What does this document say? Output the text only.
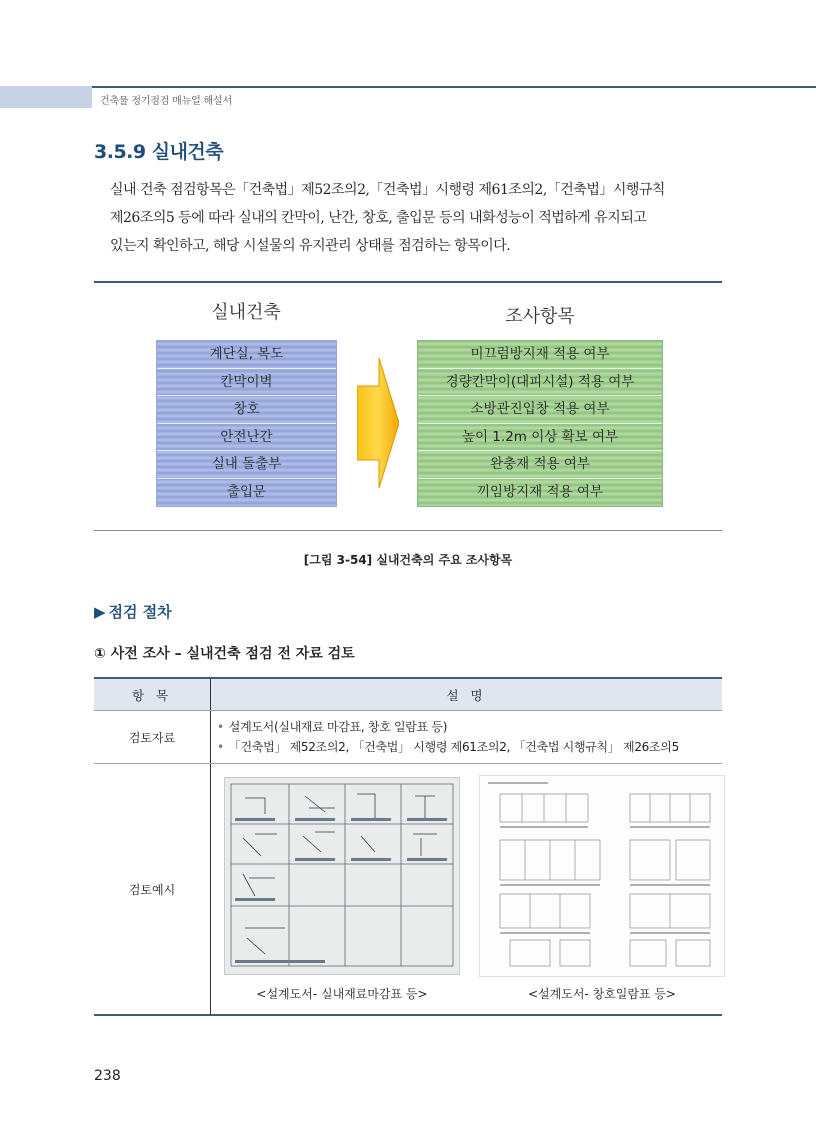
건축물 정기점검 매뉴얼 해설서
3.5.9 실내건축

실내 건축 점검항목은「건축법」제52조의2,「건축법」시행령 제61조의2,「건축법」시행규칙

제26조의5 등에 따라 실내의 칸막이, 난간, 창호, 출입문 등의 내화성능이 적법하게 유지되고

있는지 확인하고, 해당 시설물의 유지관리 상태를 점검하는 항목이다.

실내건축	조사항목
계단실, 복도
칸막이벽
창호
안전난간
실내 돌출부
출입문
미끄럼방지재 적용 여부
경량칸막이(대피시설) 적용 여부
소방관진입창 적용 여부
높이 1.2m 이상 확보 여부
완충재 적용 여부
끼임방지재 적용 여부
[그림 3-54] 실내건축의 주요 조사항목
▶ 점검 절차
① 사전 조사 – 실내건축 점검 전 자료 검토
항 목	설 명
검토자료	• 설계도서(실내재료 마감표, 창호 일람표 등)
• 「건축법」 제52조의2, 「건축법」 시행령 제61조의2, 「건축법 시행규칙」 제26조의5

검토예시	<설계도서- 실내재료마감표 등> <설계도서- 창호일람표 등>
238
